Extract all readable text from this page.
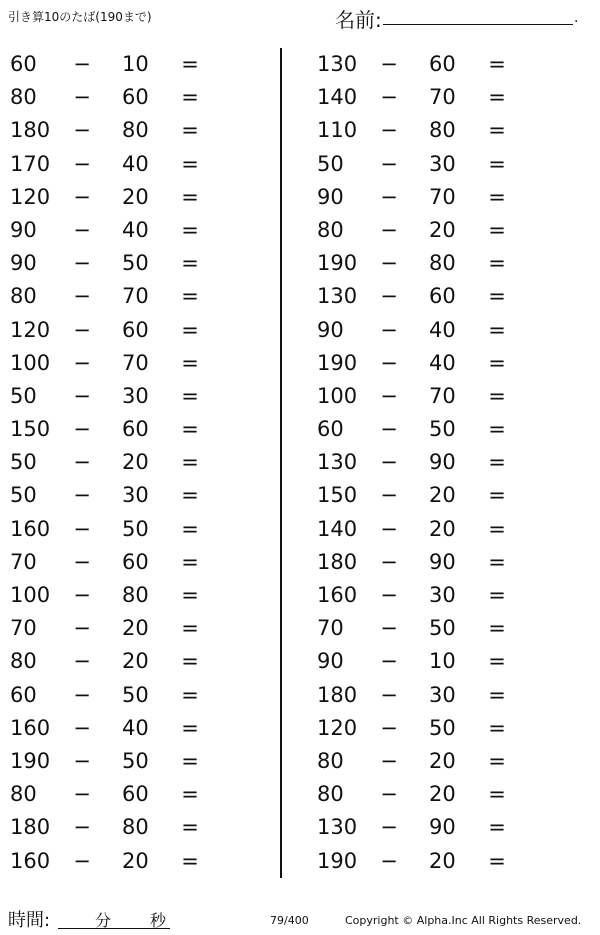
引き算10のたば(190まで)	名前:	.
60	− 10	=
80	− 60	=
180 − 80	=
170 − 40	=
120 − 20	=
90	− 40	=
90	− 50	=
80	− 70	=
120 − 60	=
100 − 70	=
50	− 30	=
150 − 60	=
50	− 20	=
50	− 30	=
160 − 50	=
70	− 60	=
100 − 80	=
70	− 20	=
80	− 20	=
60	− 50	=
160 − 40	=
190 − 50	=
80	− 60	=
180 − 80	=
160 − 20	=
130 − 60	=
140 − 70	=
110 − 80	=
50	− 30	=
90	− 70	=
80	− 20	=
190 − 80	=
130 − 60	=
90	− 40	=
190 − 40	=
100 − 70	=
60	− 50	=
130 − 90	=
150 − 20	=
140 − 20	=
180 − 90	=
160 − 30	=
70	− 50	=
90	− 10	=
180 − 30	=
120 − 50	=
80	− 20	=
80	− 20	=
130 − 90	=
190 − 20	=
時間:	分 秒	79/400	Copyright © Alpha.Inc All Rights Reserved.
